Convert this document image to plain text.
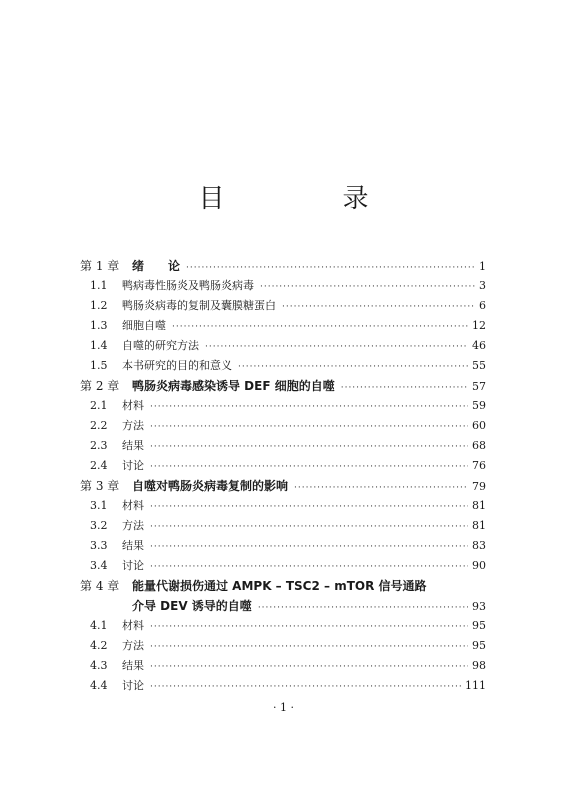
目　录
第 1 章	绪　　论 ·····	1
1.1	鸭病毒性肠炎及鸭肠炎病毒 ·····	3
1.2	鸭肠炎病毒的复制及囊膜糖蛋白 ·····	6
1.3	细胞自噬 ·····	12
1.4	自噬的研究方法 ·····	46
1.5	本书研究的目的和意义 ·····	55
第 2 章	鸭肠炎病毒感染诱导 DEF 细胞的自噬 ·····	57
2.1	材料 ·····	59
2.2	方法 ·····	60
2.3	结果 ·····	68
2.4	讨论 ·····	76
第 3 章	自噬对鸭肠炎病毒复制的影响 ·····	79
3.1	材料 ·····	81
3.2	方法 ·····	81
3.3	结果 ·····	83
3.4	讨论 ·····	90
第 4 章	能量代谢损伤通过 AMPK – TSC2 – mTOR 信号通路
介导 DEV 诱导的自噬 ·····	93
4.1	材料 ·····	95
4.2	方法 ·····	95
4.3	结果 ·····	98
4.4	讨论 ·····	111
· 1 ·
